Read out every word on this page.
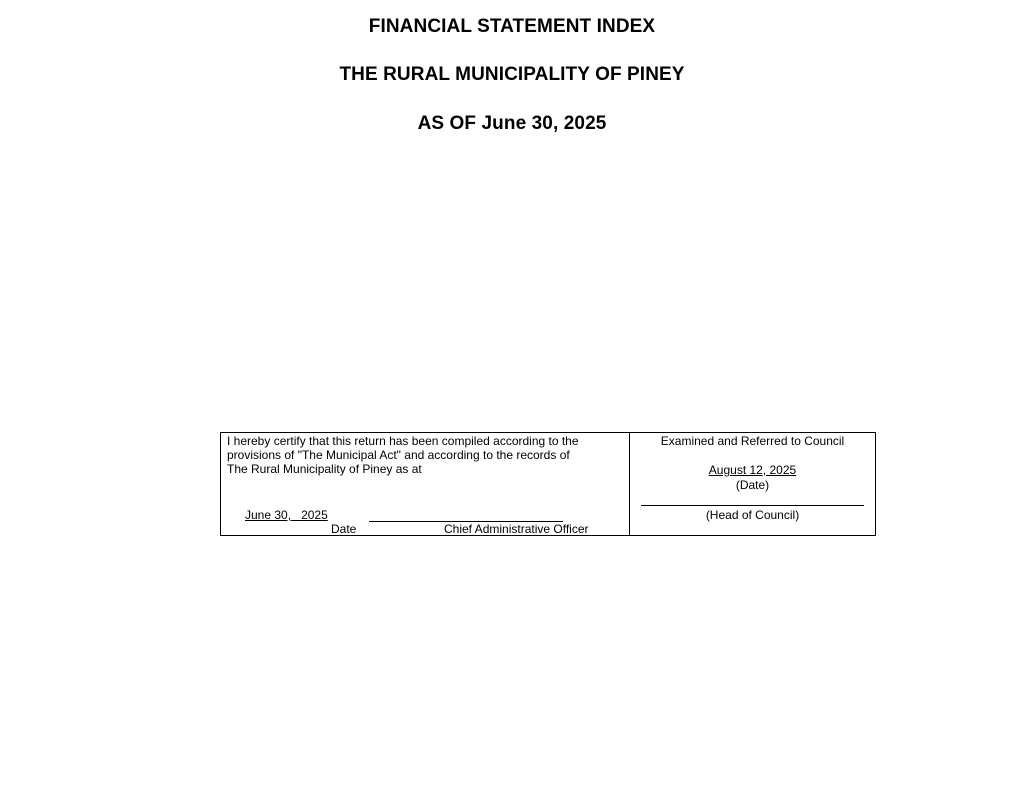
FINANCIAL STATEMENT INDEX
THE RURAL MUNICIPALITY OF PINEY
AS OF June 30, 2025
I hereby certify that this return has been compiled according to the
provisions of "The Municipal Act" and according to the records of
The Rural Municipality of Piney as at
June 30, 2025
Date	Chief Administrative Officer
Examined and Referred to Council
August 12, 2025
(Date)
(Head of Council)
